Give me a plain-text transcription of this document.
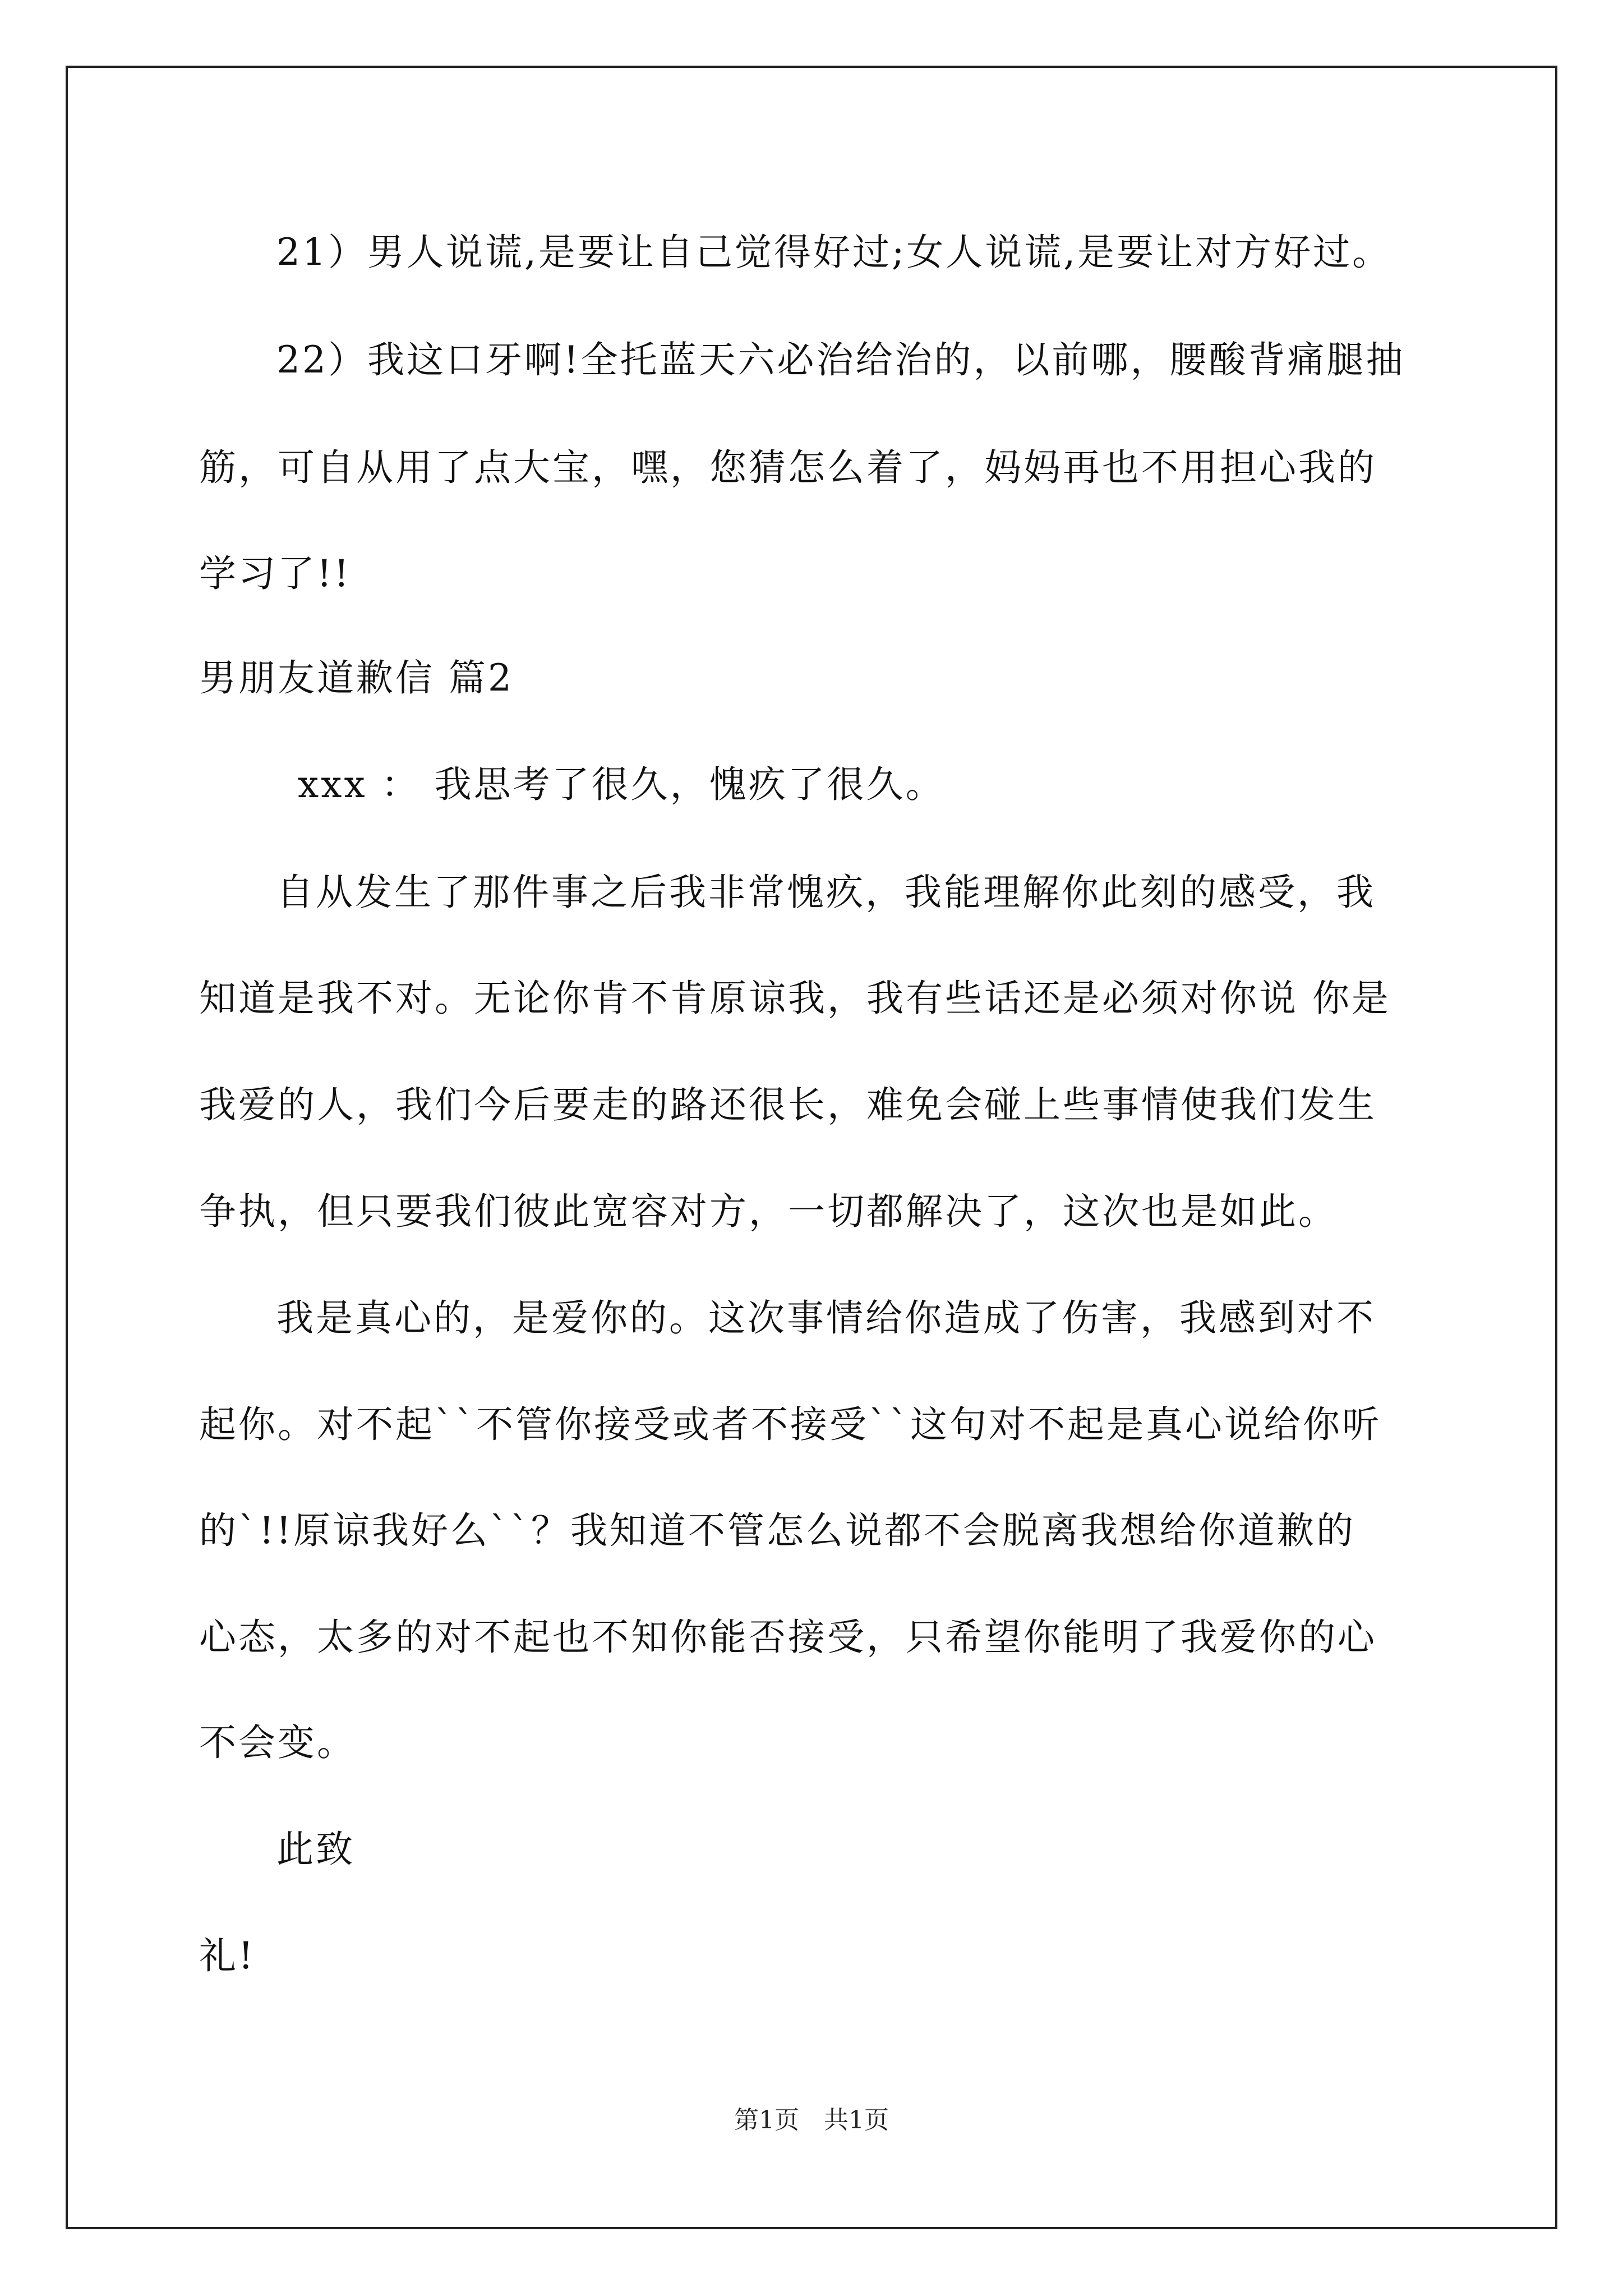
21）男人说谎,是要让自己觉得好过;女人说谎,是要让对方好过。
22）我这口牙啊!全托蓝天六必治给治的，以前哪，腰酸背痛腿抽
筋，可自从用了点大宝，嘿，您猜怎么着了，妈妈再也不用担心我的
学习了!!
男朋友道歉信 篇2
xxx ： 我思考了很久，愧疚了很久。
自从发生了那件事之后我非常愧疚，我能理解你此刻的感受，我
知道是我不对。无论你肯不肯原谅我，我有些话还是必须对你说 你是
我爱的人，我们今后要走的路还很长，难免会碰上些事情使我们发生
争执，但只要我们彼此宽容对方，一切都解决了，这次也是如此。
我是真心的，是爱你的。这次事情给你造成了伤害，我感到对不
起你。对不起``不管你接受或者不接受``这句对不起是真心说给你听
的`!!原谅我好么``？我知道不管怎么说都不会脱离我想给你道歉的
心态，太多的对不起也不知你能否接受，只希望你能明了我爱你的心
不会变。
此致
礼!
第1页　共1页
